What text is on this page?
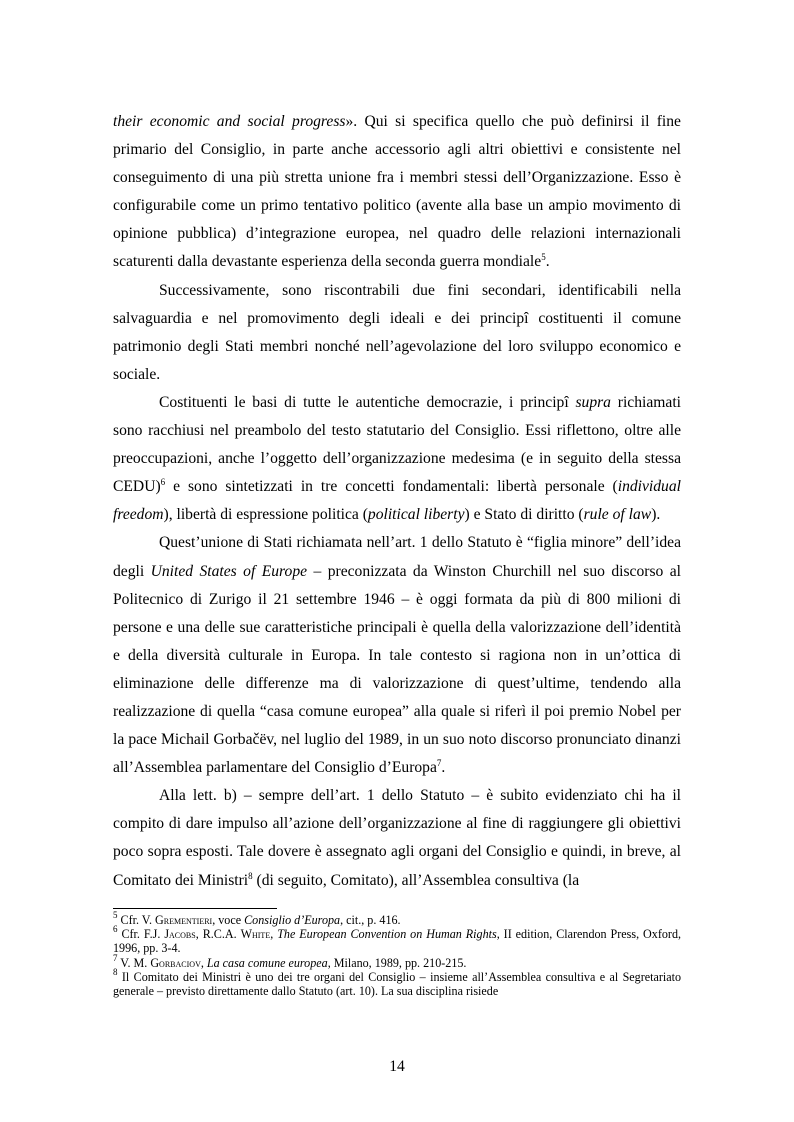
their economic and social progress». Qui si specifica quello che può definirsi il fine primario del Consiglio, in parte anche accessorio agli altri obiettivi e consistente nel conseguimento di una più stretta unione fra i membri stessi dell’Organizzazione. Esso è configurabile come un primo tentativo politico (avente alla base un ampio movimento di opinione pubblica) d’integrazione europea, nel quadro delle relazioni internazionali scaturenti dalla devastante esperienza della seconda guerra mondiale$^5$.

Successivamente, sono riscontrabili due fini secondari, identificabili nella salvaguardia e nel promovimento degli ideali e dei principî costituenti il comune patrimonio degli Stati membri nonché nell’agevolazione del loro sviluppo economico e sociale.

Costituenti le basi di tutte le autentiche democrazie, i principî supra richiamati sono racchiusi nel preambolo del testo statutario del Consiglio. Essi riflettono, oltre alle preoccupazioni, anche l’oggetto dell’organizzazione medesima (e in seguito della stessa CEDU)$^6$ e sono sintetizzati in tre concetti fondamentali: libertà personale (individual freedom), libertà di espressione politica (political liberty) e Stato di diritto (rule of law).

Quest’unione di Stati richiamata nell’art. 1 dello Statuto è “figlia minore” dell’idea degli United States of Europe – preconizzata da Winston Churchill nel suo discorso al Politecnico di Zurigo il 21 settembre 1946 – è oggi formata da più di 800 milioni di persone e una delle sue caratteristiche principali è quella della valorizzazione dell’identità e della diversità culturale in Europa. In tale contesto si ragiona non in un’ottica di eliminazione delle differenze ma di valorizzazione di quest’ultime, tendendo alla realizzazione di quella “casa comune europea” alla quale si riferì il poi premio Nobel per la pace Michail Gorbačëv, nel luglio del 1989, in un suo noto discorso pronunciato dinanzi all’Assemblea parlamentare del Consiglio d’Europa$^7$.

Alla lett. b) – sempre dell’art. 1 dello Statuto – è subito evidenziato chi ha il compito di dare impulso all’azione dell’organizzazione al fine di raggiungere gli obiettivi poco sopra esposti. Tale dovere è assegnato agli organi del Consiglio e quindi, in breve, al Comitato dei Ministri$^8$ (di seguito, Comitato), all’Assemblea consultiva (la

$^5$ Cfr. V. Grementieri, voce Consiglio d’Europa, cit., p. 416.

$^6$ Cfr. F.J. Jacobs, R.C.A. White, The European Convention on Human Rights, II edition, Clarendon Press, Oxford, 1996, pp. 3-4.

$^7$ V. M. Gorbaciov, La casa comune europea, Milano, 1989, pp. 210-215.

$^8$ Il Comitato dei Ministri è uno dei tre organi del Consiglio – insieme all’Assemblea consultiva e al Segretariato generale – previsto direttamente dallo Statuto (art. 10). La sua disciplina risiede

14
